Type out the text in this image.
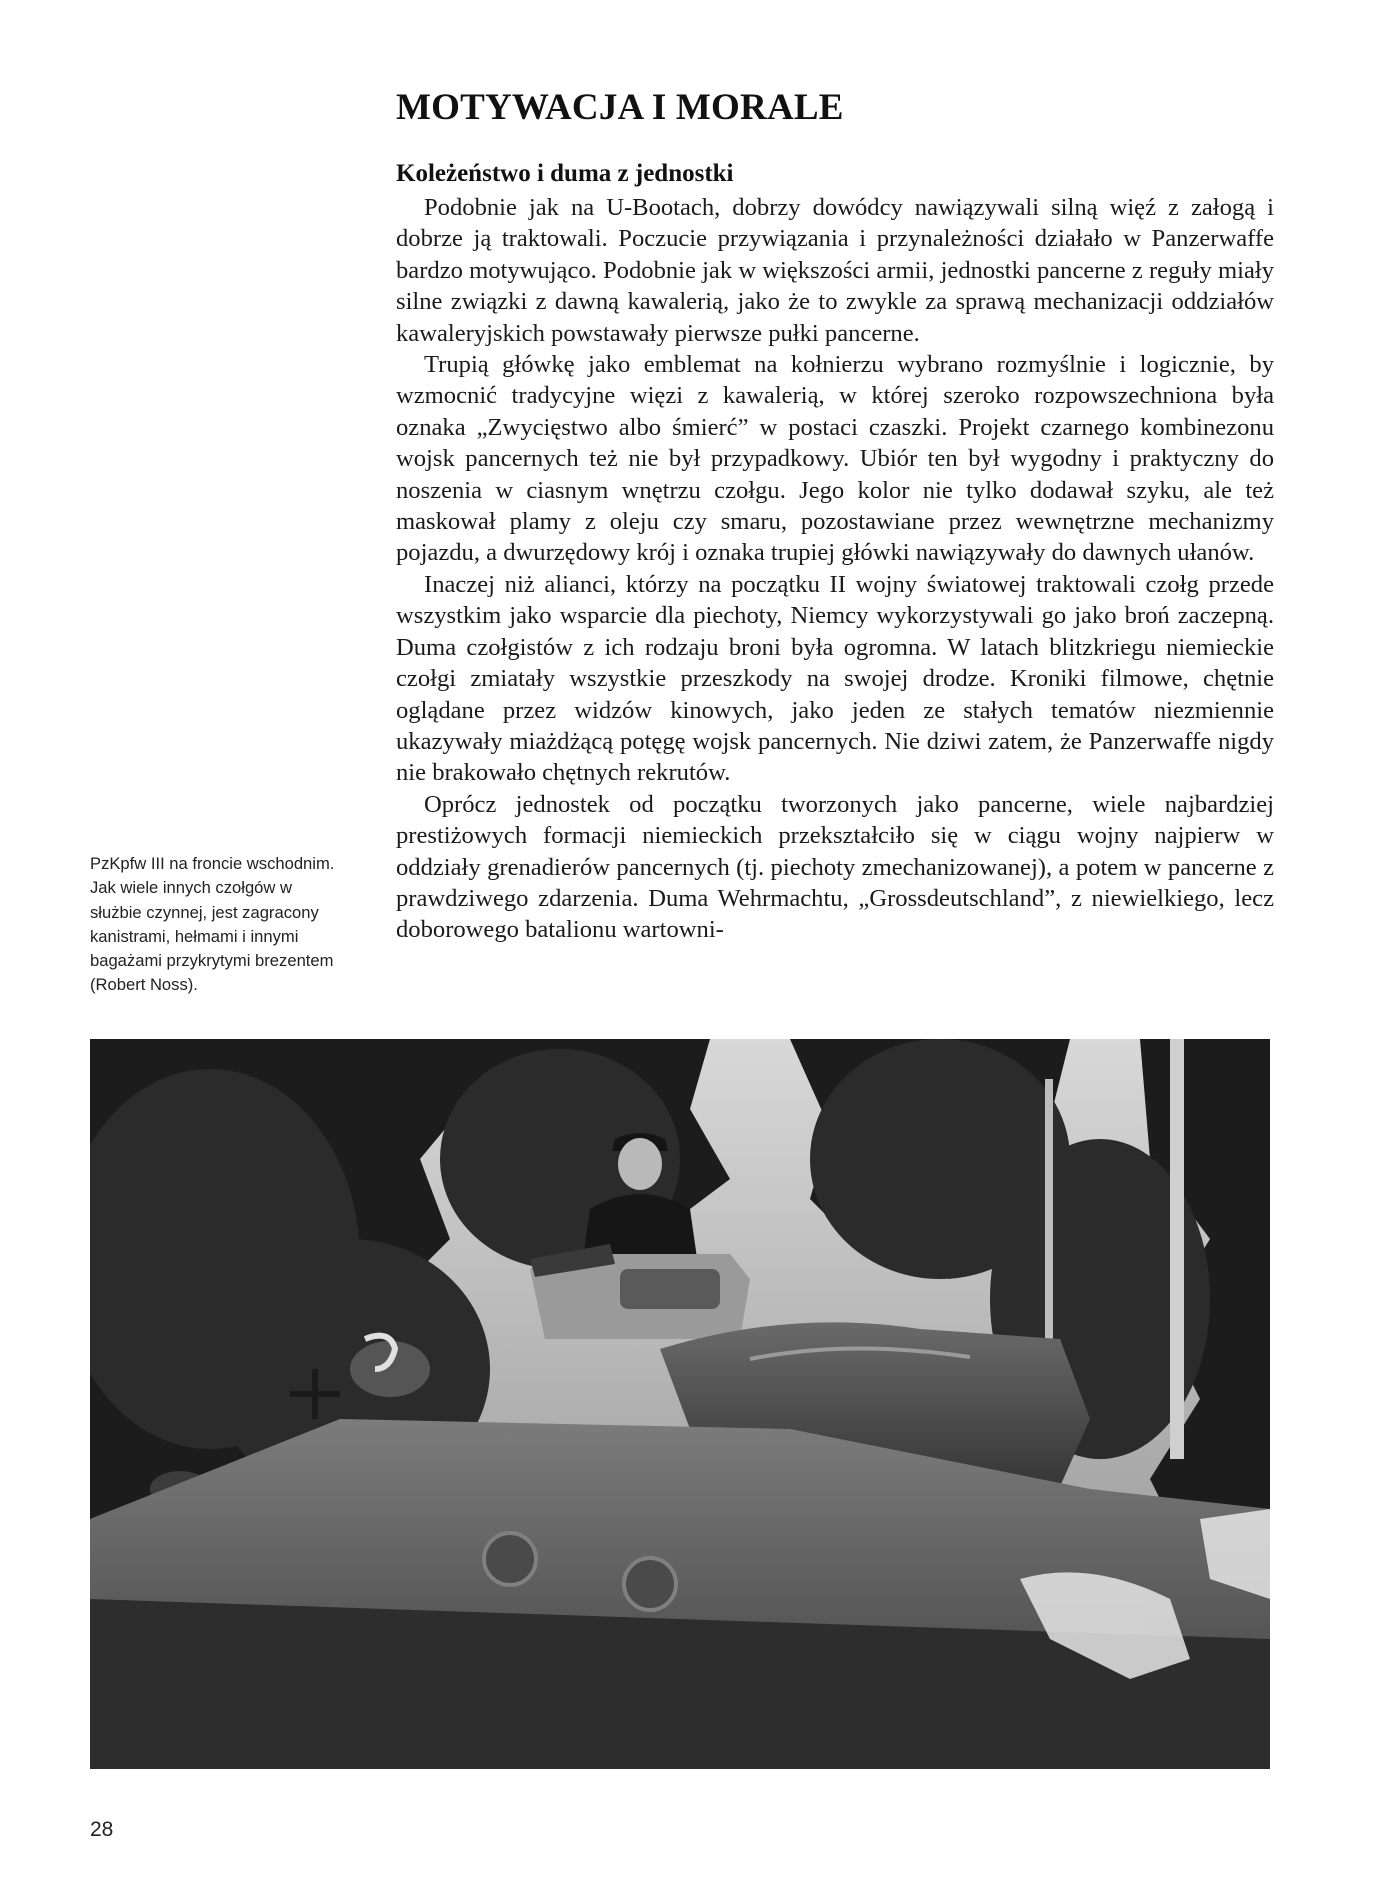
MOTYWACJA I MORALE
Koleżeństwo i duma z jednostki

Podobnie jak na U-Bootach, dobrzy dowódcy nawiązywali silną więź z załogą i dobrze ją traktowali. Poczucie przywiązania i przynależności działało w Panzerwaffe bardzo motywująco. Podobnie jak w większości armii, jednostki pancerne z reguły miały silne związki z dawną kawalerią, jako że to zwykle za sprawą mechanizacji oddziałów kawaleryjskich powstawały pierwsze pułki pancerne.

Trupią główkę jako emblemat na kołnierzu wybrano rozmyślnie i logicznie, by wzmocnić tradycyjne więzi z kawalerią, w której szeroko rozpowszechniona była oznaka „Zwycięstwo albo śmierć” w postaci czaszki. Projekt czarnego kombinezonu wojsk pancernych też nie był przypadkowy. Ubiór ten był wygodny i praktyczny do noszenia w ciasnym wnętrzu czołgu. Jego kolor nie tylko dodawał szyku, ale też maskował plamy z oleju czy smaru, pozostawiane przez wewnętrzne mechanizmy pojazdu, a dwurzędowy krój i oznaka trupiej główki nawiązywały do dawnych ułanów.

Inaczej niż alianci, którzy na początku II wojny światowej traktowali czołg przede wszystkim jako wsparcie dla piechoty, Niemcy wykorzystywali go jako broń zaczepną. Duma czołgistów z ich rodzaju broni była ogromna. W latach blitzkriegu niemieckie czołgi zmiatały wszystkie przeszkody na swojej drodze. Kroniki filmowe, chętnie oglądane przez widzów kinowych, jako jeden ze stałych tematów niezmiennie ukazywały miażdżącą potęgę wojsk pancernych. Nie dziwi zatem, że Panzerwaffe nigdy nie brakowało chętnych rekrutów.

Oprócz jednostek od początku tworzonych jako pancerne, wiele najbardziej prestiżowych formacji niemieckich przekształciło się w ciągu wojny najpierw w oddziały grenadierów pancernych (tj. piechoty zmechanizowanej), a potem w pancerne z prawdziwego zdarzenia. Duma Wehrmachtu, „Grossdeutschland”, z niewielkiego, lecz doborowego batalionu wartowni-

PzKpfw III na froncie wschodnim. Jak wiele innych czołgów w służbie czynnej, jest zagracony kanistrami, hełmami i innymi bagażami przykrytymi brezentem (Robert Noss).
28
